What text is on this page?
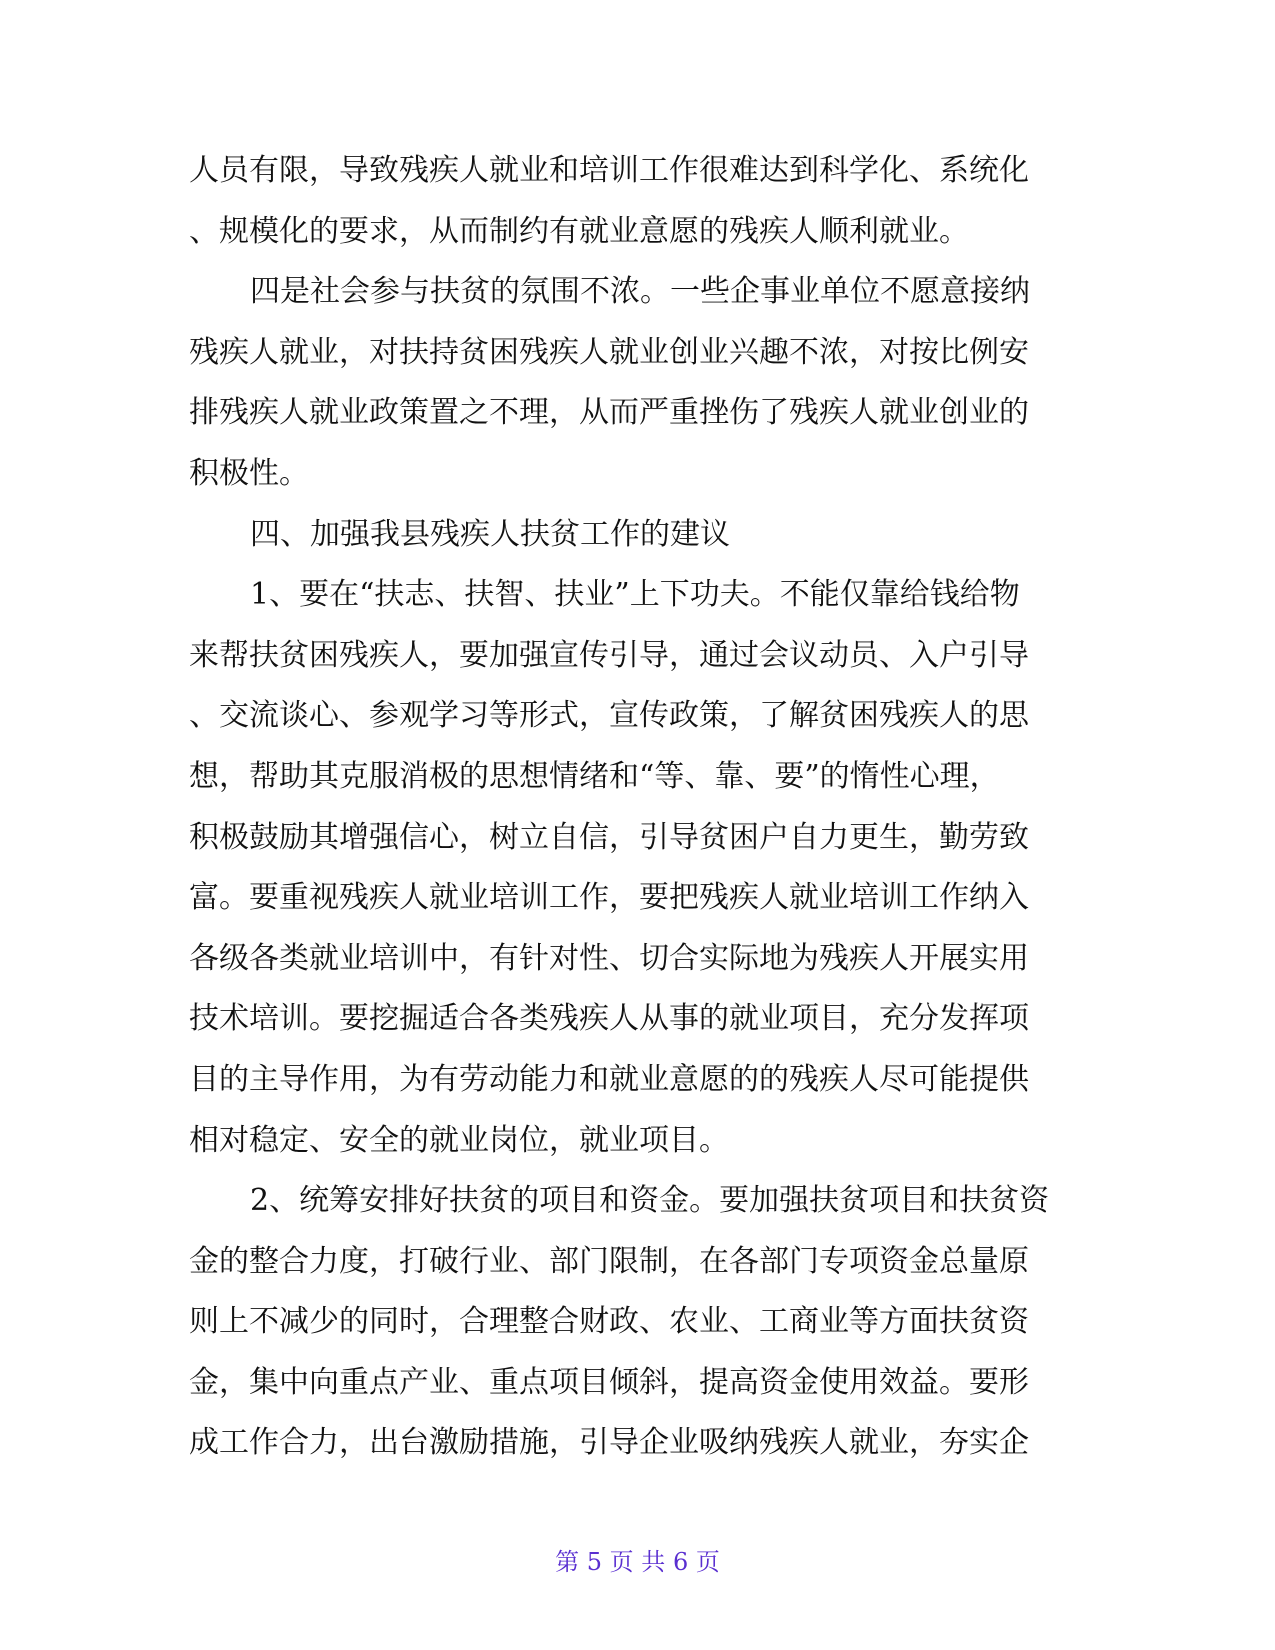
人员有限，导致残疾人就业和培训工作很难达到科学化、系统化
、规模化的要求，从而制约有就业意愿的残疾人顺利就业。
四是社会参与扶贫的氛围不浓。一些企事业单位不愿意接纳
残疾人就业，对扶持贫困残疾人就业创业兴趣不浓，对按比例安
排残疾人就业政策置之不理，从而严重挫伤了残疾人就业创业的
积极性。
四、加强我县残疾人扶贫工作的建议
1、要在“扶志、扶智、扶业”上下功夫。不能仅靠给钱给物
来帮扶贫困残疾人，要加强宣传引导，通过会议动员、入户引导
、交流谈心、参观学习等形式，宣传政策，了解贫困残疾人的思
想，帮助其克服消极的思想情绪和“等、靠、要”的惰性心理，
积极鼓励其增强信心，树立自信，引导贫困户自力更生，勤劳致
富。要重视残疾人就业培训工作，要把残疾人就业培训工作纳入
各级各类就业培训中，有针对性、切合实际地为残疾人开展实用
技术培训。要挖掘适合各类残疾人从事的就业项目，充分发挥项
目的主导作用，为有劳动能力和就业意愿的的残疾人尽可能提供
相对稳定、安全的就业岗位，就业项目。
2、统筹安排好扶贫的项目和资金。要加强扶贫项目和扶贫资
金的整合力度，打破行业、部门限制，在各部门专项资金总量原
则上不减少的同时，合理整合财政、农业、工商业等方面扶贫资
金，集中向重点产业、重点项目倾斜，提高资金使用效益。要形
成工作合力，出台激励措施，引导企业吸纳残疾人就业，夯实企
第 5 页 共 6 页
